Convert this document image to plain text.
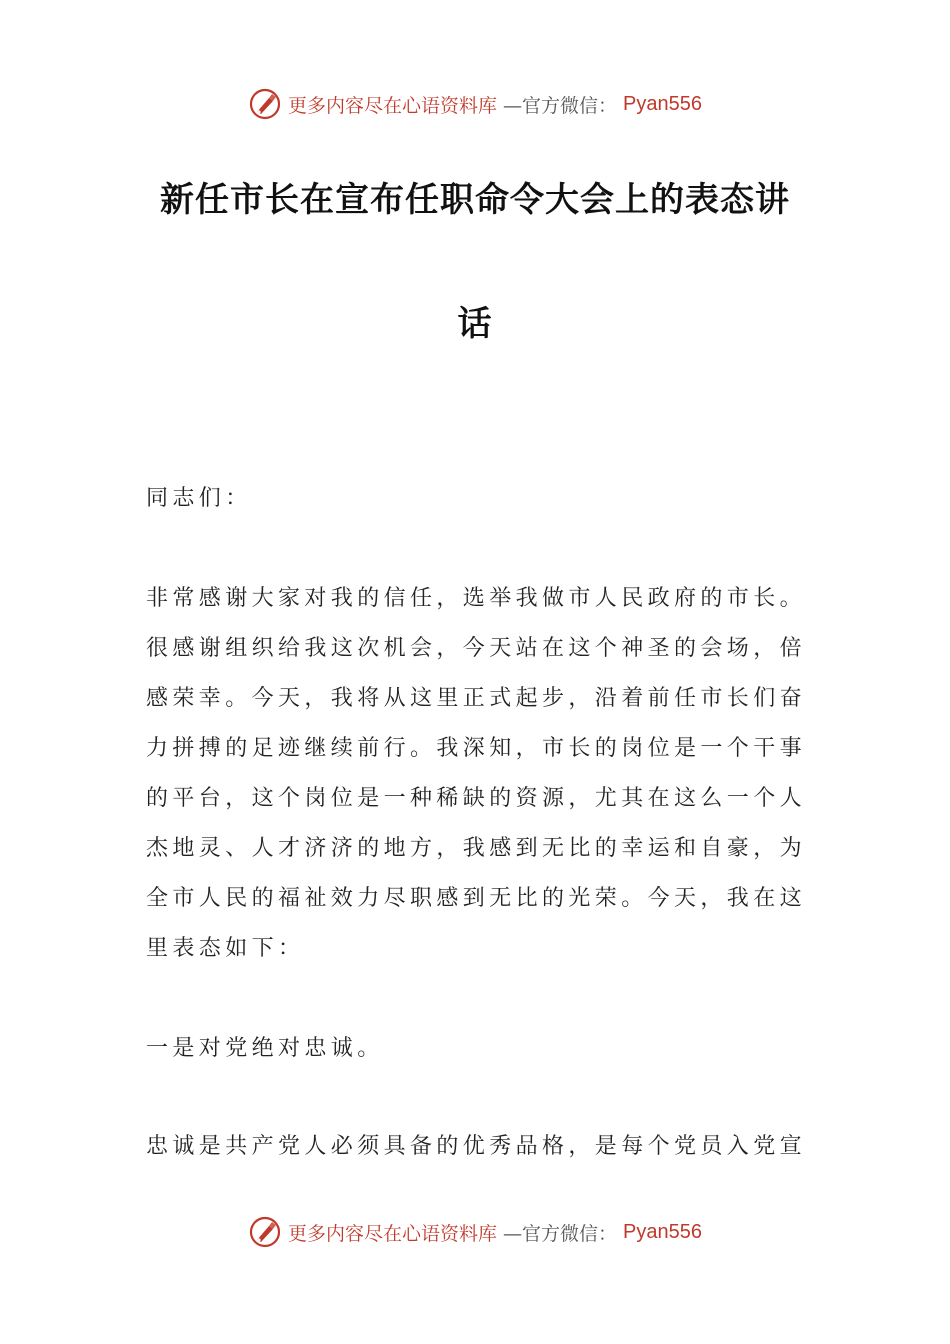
更多内容尽在心语资料库 —官方微信： Pyan556
新任市长在宣布任职命令大会上的表态讲
话

同志们：

非常感谢大家对我的信任，选举我做市人民政府的市长。很感谢组织给我这次机会，今天站在这个神圣的会场，倍感荣幸。今天，我将从这里正式起步，沿着前任市长们奋力拼搏的足迹继续前行。我深知，市长的岗位是一个干事的平台，这个岗位是一种稀缺的资源，尤其在这么一个人杰地灵、人才济济的地方，我感到无比的幸运和自豪，为全市人民的福祉效力尽职感到无比的光荣。今天，我在这里表态如下：

一是对党绝对忠诚。

忠诚是共产党人必须具备的优秀品格，是每个党员入党宣

更多内容尽在心语资料库 —官方微信： Pyan556
